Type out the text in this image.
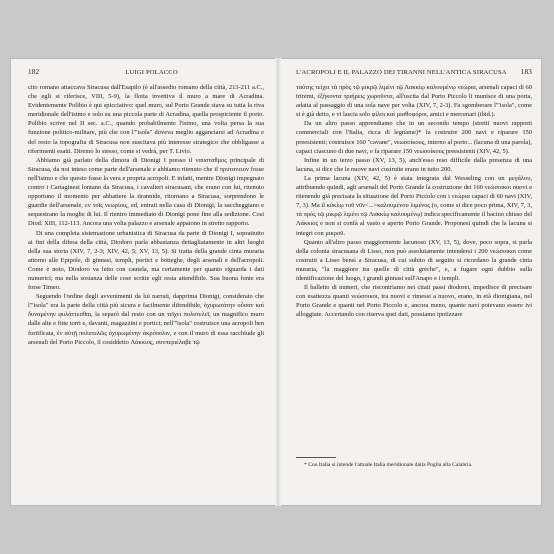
182	LUIGI POLACCO

cito romano attaccava Siracusa dall'Esapilo (è all'assedio romano della città, 213-211 a.C., che egli si riferisce, VIII, 5-9), la flotta invettiva il muro a mare di Acradina. Evidentemente Polibio è qui spicciativo: quel muro, sul Porto Grande stava su tutta la riva meridionale dell'istmo e solo su una piccola parte di Acradina, quella prospiciente il porto. Polibio scrive nel II sec. a.C., quando probabilmente l'istmo, una volta persa la sua funzione politico-militare, più che con l'"isola" doveva meglio agganciarsi ad Acradina e del resto la topografia di Siracusa non suscitava più interesse strategico che obbligasse a riferimenti esatti. Diremo lo stesso, come si vedrà, per T. Livio.

Abbiamo già parlato della dimora di Dionigi I presso il ναυσταθμος principale di Siracusa, da noi inteso come parte dell'arsenale e abbiamo ritenuto che il πρυτανειον fosse nell'istmo e che questo fosse la vera e propria acropoli. E infatti, mentre Dionigi impegnato contro i Cartaginesi lontano da Siracusa, i cavalieri siracusani, che erano con lui, ritenuto opportuno il momento per abbattere la tirannide, ritornano a Siracusa, sorprendono le guardie dell'arsenale, εν τοῖς νεωρίοις, ed, entrati nella casa di Dionigi, la saccheggiano e sequestrano la moglie di lui. Il rientro immediato di Dionigi pone fine alla sedizione. Cosi Diod. XIII, 112-113. Ancora una volta palazzo e arsenale appaiono in stretto rapporto.

Di una completa sistemazione urbanistica di Siracusa da parte di Dionigi I, soprattutto ai fini della difesa della città, Diodoro parla abbastanza dettagliatamente in altri luoghi della sua storia (XIV, 7, 2-3; XIV, 42, 5; XV, 13, 5). Si tratta della grande cinta muraria attorno alle Epipole, di ginnasi, templi, portici e botteghe, degli arsenali e dell'acropoli. Come è noto, Diodoro va letto con cautela, ma certamente per quanto riguarda i dati numerici; ma nella sostanza delle cose scritte egli resta attendibile. Sua buona fonte era forse Timeo.

Seguendo l'ordine degli avvenimenti da lui narrati, dapprima Dionigi, considerato che l'"isola" era la parte della città più sicura e facilmente difendibile, ὀχυρωτάτην οὖσαν καὶ δυναμένην φυλάττεσθαι, la separò dal resto con un τεῖχει πολυτελεῖ, un magnifico muro dalle alte e fitte torri e, davanti, magazzini e portici; nell'"isola" costruisce una acropoli ben fortificata, ἐν αὐτῇ πολυτελῶς ὀχυρωμένην ἀκρόπολιν, e con il muro di essa racchiude gli arsenali del Porto Piccolo, il cosiddetto Λάκκιος, συνπεριέλαβε τῷ

L'ACROPOLI E IL PALAZZO DEI TIRANNI NELL'ANTICA SIRACUSA 183

ταύτης τείχει τὰ πρὸς τῷ μικρῷ λιμένι τῷ Λακκίῳ καλουμένῳ νεώρια, arsenali capaci di 60 triremi, ἐξήκοντα τριήρεις χωροῦντα, all'uscita dal Porto Piccolo li munisce di una porta, adatta al passaggio di una sola nave per volta (XIV, 7, 2-3). Fa sgomberare l'"isola", come si è già detto, e vi lascia solo φίλοι καὶ μισθοφόροι, amici e mercenari (ibid.).

Da un altro passo apprendiamo che in un secondo tempo (stretti nuovi rapporti commerciali con l'Italia, ricca di legname)* fa costruire 200 navi e riparare 150 preesistenti; costruisce 160 "cavane", νεωσοίκους, interno al porto... (lacuna di una parola), capaci ciascuno di due navi, e fa riparare 150 νεωσοίκους preesistenti (XIV, 42, 5).

Infine in un terzo passo (XV, 13, 5), anch'esso reso difficile dalla presenza di una lacuna, si dice che le nuove navi costruite erano in tutto 200.

La prima lacuna (XIV, 42, 5) è stata integrata dal Wesseling con un μεγάλου, attribuendo quindi, agli arsenali del Porto Grande la costruzione dei 160 νεώσοικοι nuovi e ritenendo già precisata la situazione del Porto Piccolo con i νεώρια capaci di 60 navi (XIV, 7, 3). Ma il κύκλῳ τοῦ νῦν<...>καλουμένου λιμένος (o, come si dice poco prima, XIV, 7, 3, τὰ πρὸς τῷ μικρῷ λιμένι τῷ Λακκίῳ καλουμένῳ) indica specificamente il bacino chiuso del Λάκκιος e non si confà al vasto e aperto Porto Grande. Proponesi quindi che la lacuna si integri con μικροῦ.

Quanto all'altro passo maggiormente lacunoso (XV, 13, 5), dove, poco sopra, si parla della colonia siracusana di Lisso, non può assolutamente intendersi i 200 νεώσοικοι come costruiti a Lisso bensì a Siracusa, di cui subito di seguito si ricordano la grande cinta muraria, "la maggiore tra quelle di città greche", e, a fugare ogni dubbio sulla identificazione del luogo, i grandi ginnasi sull'Anapo e i templi.

Il balletto di numeri, che riscontriamo nei citati passi diodorei, impedisce di precisare con esattezza quanti νεώσοικοι, tra nuovi e rimessi a nuovo, erano, in età dionigiana, nel Porto Grande e quanti nel Porto Piccolo e, ancora meno, quante navi potevano essere ivi alloggiate. Accertando con riserva quei dati, possiamo ipotizzare

* Con Italia si intende l'attuale Italia meridionale dalla Puglia alla Calabria.
